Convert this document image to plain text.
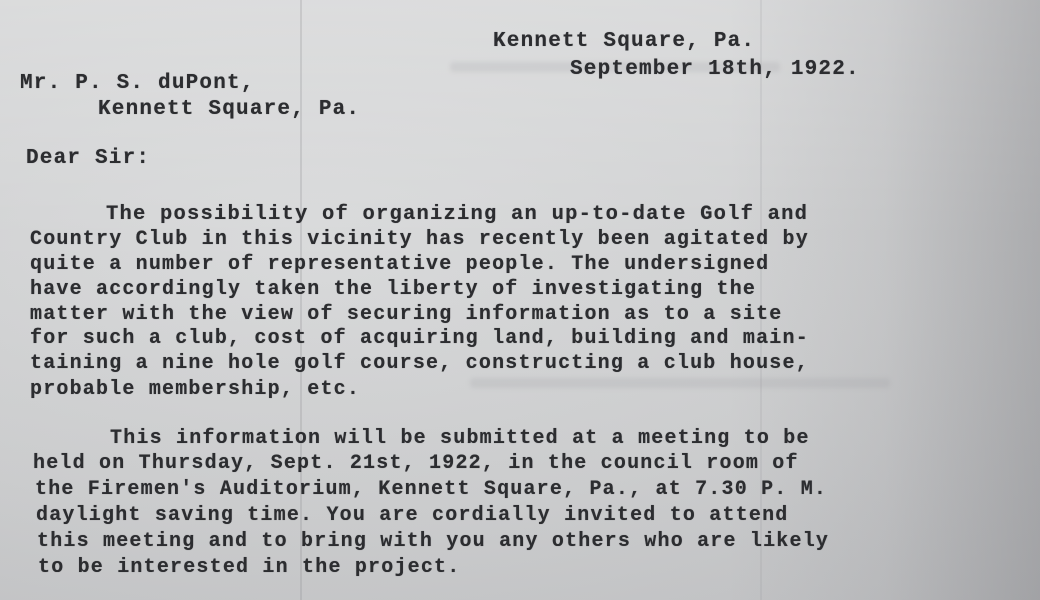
Kennett Square, Pa.
September 18th, 1922.
Mr. P. S. duPont,
Kennett Square, Pa.
Dear Sir:
The possibility of organizing an up-to-date Golf and
Country Club in this vicinity has recently been agitated by
quite a number of representative people. The undersigned
have accordingly taken the liberty of investigating the
matter with the view of securing information as to a site
for such a club, cost of acquiring land, building and main-
taining a nine hole golf course, constructing a club house,
probable membership, etc.
This information will be submitted at a meeting to be
held on Thursday, Sept. 21st, 1922, in the council room of
the Firemen's Auditorium, Kennett Square, Pa., at 7.30 P. M.
daylight saving time. You are cordially invited to attend
this meeting and to bring with you any others who are likely
to be interested in the project.
